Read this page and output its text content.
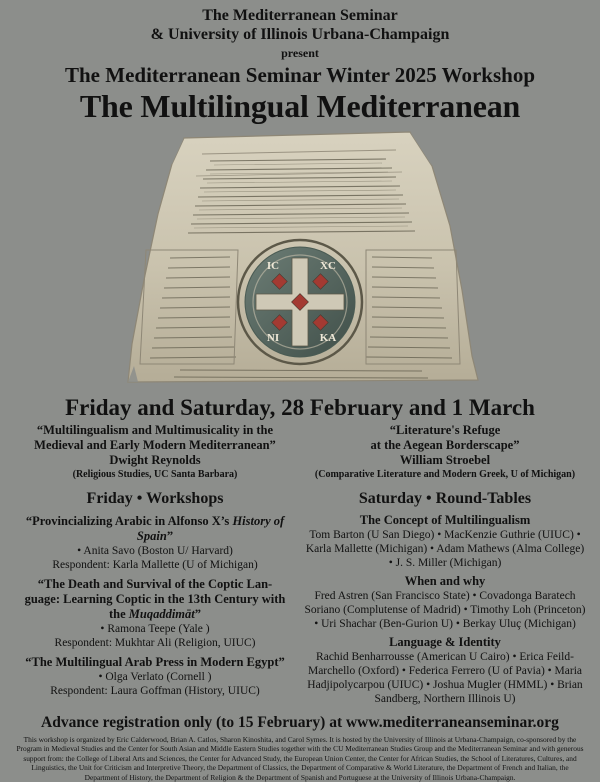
The Mediterranean Seminar
& University of Illinois Urbana-Champaign
present
The Mediterranean Seminar Winter 2025 Workshop
The Multilingual Mediterranean
IC	XC
NI	KA
Friday and Saturday, 28 February and 1 March
“Multilingualism and Multimusicality in the
Medieval and Early Modern Mediterranean”
Dwight Reynolds
(Religious Studies, UC Santa Barbara)
“Literature's Refuge
at the Aegean Borderscape”
William Stroebel
(Comparative Literature and Modern Greek, U of Michigan)
Friday • Workshops
“Provincializing Arabic in Alfonso X’s History of
Spain”
• Anita Savo (Boston U/ Harvard)
Respondent: Karla Mallette (U of Michigan)
“The Death and Survival of the Coptic Lan-
guage: Learning Coptic in the 13th Century with
the Muqaddimāt”
• Ramona Teepe (Yale )
Respondent: Mukhtar Ali (Religion, UIUC)
“The Multilingual Arab Press in Modern Egypt”
• Olga Verlato (Cornell )
Respondent: Laura Goffman (History, UIUC)
Saturday • Round-Tables
The Concept of Multilingualism
Tom Barton (U San Diego) • MacKenzie Guthrie (UIUC) • Karla Mallette (Michigan) • Adam Mathews (Alma College) • J. S. Miller (Michigan)
When and why
Fred Astren (San Francisco State) • Covadonga Baratech Soriano (Complutense of Madrid) • Timothy Loh (Princeton) • Uri Shachar (Ben-Gurion U) • Berkay Uluç (Michigan)
Language & Identity
Rachid Benharrousse (American U Cairo) • Erica Feild-Marchello (Oxford) • Federica Ferrero (U of Pavia) • Maria Hadjipolycarpou (UIUC) • Joshua Mugler (HMML) • Brian Sandberg, Northern Illinois U)
Advance registration only (to 15 February) at www.mediterraneanseminar.org
This workshop is organized by Eric Calderwood, Brian A. Catlos, Sharon Kinoshita, and Carol Symes. It is hosted by the University of Illinois at Urbana-Champaign, co-sponsored by the Program in Medieval Studies and the Center for South Asian and Middle Eastern Studies together with the CU Mediterranean Studies Group and the Mediterranean Seminar and with generous support from: the College of Liberal Arts and Sciences, the Center for Advanced Study, the European Union Center, the Center for African Studies, the School of Literatures, Cultures, and Linguistics, the Unit for Criticism and Interpretive Theory, the Department of Classics, the Department of Comparative & World Literature, the Department of French and Italian, the Department of History, the Department of Religion & the Department of Spanish and Portuguese at the University of Illinois Urbana-Champaign.
